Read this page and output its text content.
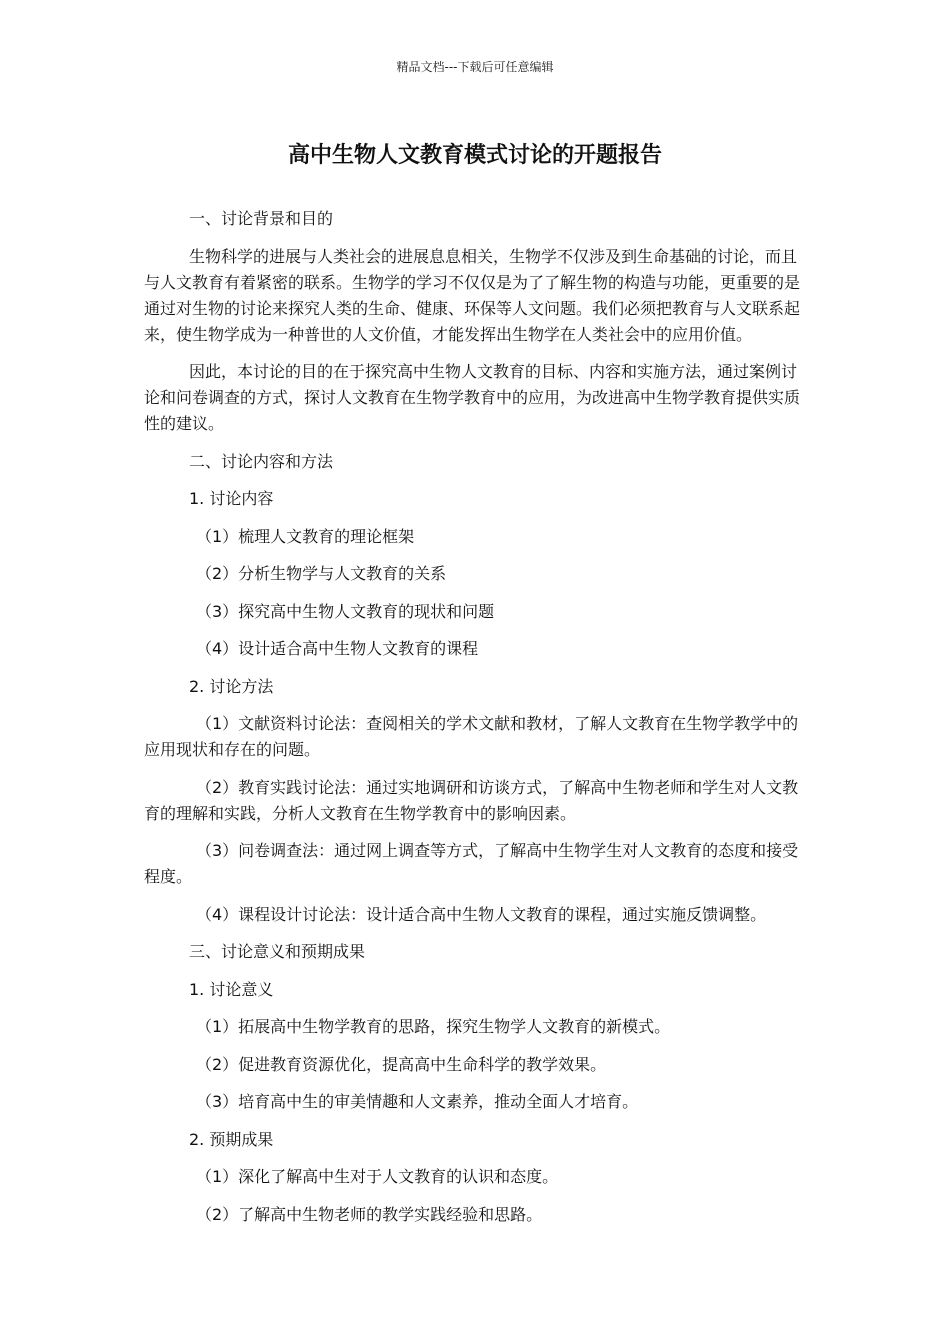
精品文档---下载后可任意编辑
高中生物人文教育模式讨论的开题报告

一、讨论背景和目的

生物科学的进展与人类社会的进展息息相关，生物学不仅涉及到生命基础的讨论，而且与人文教育有着紧密的联系。生物学的学习不仅仅是为了了解生物的构造与功能，更重要的是通过对生物的讨论来探究人类的生命、健康、环保等人文问题。我们必须把教育与人文联系起来，使生物学成为一种普世的人文价值，才能发挥出生物学在人类社会中的应用价值。

因此，本讨论的目的在于探究高中生物人文教育的目标、内容和实施方法，通过案例讨论和问卷调查的方式，探讨人文教育在生物学教育中的应用，为改进高中生物学教育提供实质性的建议。

二、讨论内容和方法

1. 讨论内容

（1）梳理人文教育的理论框架

（2）分析生物学与人文教育的关系

（3）探究高中生物人文教育的现状和问题

（4）设计适合高中生物人文教育的课程

2. 讨论方法

（1）文献资料讨论法：查阅相关的学术文献和教材，了解人文教育在生物学教学中的应用现状和存在的问题。

（2）教育实践讨论法：通过实地调研和访谈方式，了解高中生物老师和学生对人文教育的理解和实践，分析人文教育在生物学教育中的影响因素。

（3）问卷调查法：通过网上调查等方式，了解高中生物学生对人文教育的态度和接受程度。

（4）课程设计讨论法：设计适合高中生物人文教育的课程，通过实施反馈调整。

三、讨论意义和预期成果

1. 讨论意义

（1）拓展高中生物学教育的思路，探究生物学人文教育的新模式。

（2）促进教育资源优化，提高高中生命科学的教学效果。

（3）培育高中生的审美情趣和人文素养，推动全面人才培育。

2. 预期成果

（1）深化了解高中生对于人文教育的认识和态度。

（2）了解高中生物老师的教学实践经验和思路。
